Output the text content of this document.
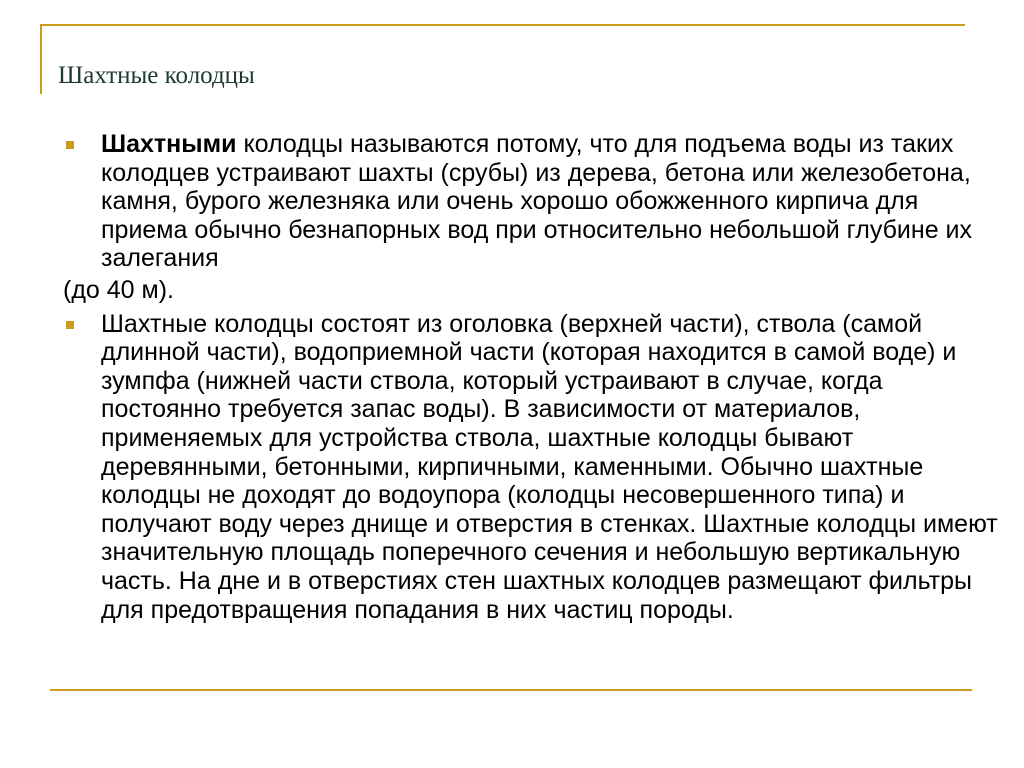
Шахтные колодцы
Шахтными колодцы называются потому, что для подъема воды из таких колодцев устраивают шахты (срубы) из дерева, бетона или железобетона, камня, бурого железняка или очень хорошо обожженного кирпича для приема обычно безнапорных вод при относительно небольшой глубине их залегания
(до 40 м).
Шахтные колодцы состоят из оголовка (верхней части), ствола (самой длинной части), водоприемной части (которая находится в самой воде) и зумпфа (нижней части ствола, который устраивают в случае, когда постоянно требуется запас воды). В зависимости от материалов, применяемых для устройства ствола, шахтные колодцы бывают деревянными, бетонными, кирпичными, каменными. Обычно шахтные колодцы не доходят до водоупора (колодцы несовершенного типа) и получают воду через днище и отверстия в стенках. Шахтные колодцы имеют значительную площадь поперечного сечения и небольшую вертикальную часть. На дне и в отверстиях стен шахтных колодцев размещают фильтры для предотвращения попадания в них частиц породы.
